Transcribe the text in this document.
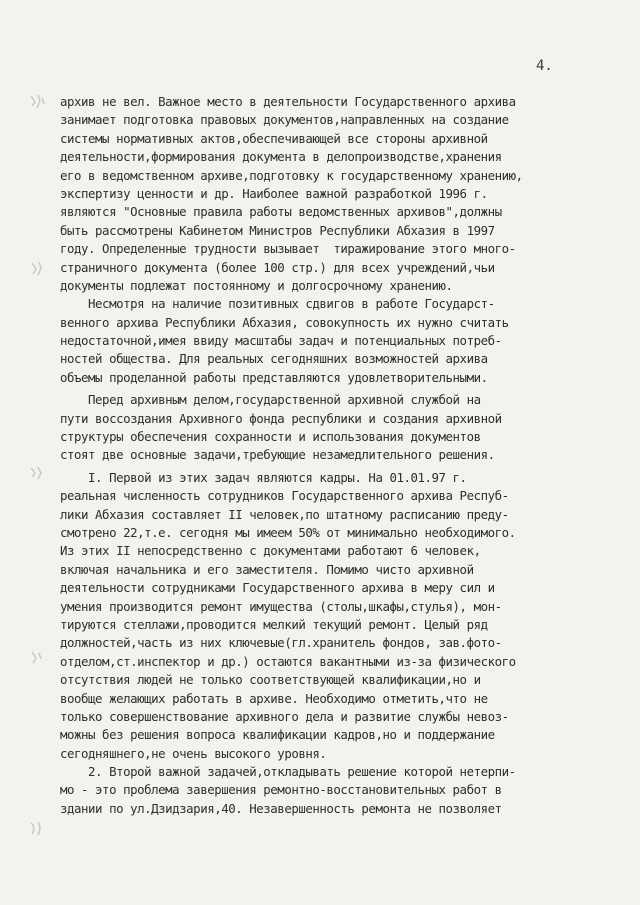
4.
архив не вел. Важное место в деятельности Государственного архива
занимает подготовка правовых документов,направленных на создание
системы нормативных актов,обеспечивающей все стороны архивной
деятельности,формирования документа в делопроизводстве,хранения
его в ведомственном архиве,подготовку к государственному хранению,
экспертизу ценности и др. Наиболее важной разработкой 1996 г.
являются "Основные правила работы ведомственных архивов",должны
быть рассмотрены Кабинетом Министров Республики Абхазия в 1997
году. Определенные трудности вызывает  тиражирование этого много-
страничного документа (более 100 стр.) для всех учреждений,чьи
документы подлежат постоянному и долгосрочному хранению.
Несмотря на наличие позитивных сдвигов в работе Государст-
венного архива Республики Абхазия, совокупность их нужно считать
недостаточной,имея ввиду масштабы задач и потенциальных потреб-
ностей общества. Для реальных сегодняшних возможностей архива
объемы проделанной работы представляются удовлетворительными.
Перед архивным делом,государственной архивной службой на
пути воссоздания Архивного фонда республики и создания архивной
структуры обеспечения сохранности и использования документов
стоят две основные задачи,требующие незамедлительного решения.
I. Первой из этих задач являются кадры. На 01.01.97 г.
реальная численность сотрудников Государственного архива Респуб-
лики Абхазия составляет II человек,по штатному расписанию преду-
смотрено 22,т.е. сегодня мы имеем 50% от минимально необходимого.
Из этих II непосредственно с документами работают 6 человек,
включая начальника и его заместителя. Помимо чисто архивной
деятельности сотрудниками Государственного архива в меру сил и
умения производится ремонт имущества (столы,шкафы,стулья), мон-
тируются стеллажи,проводится мелкий текущий ремонт. Целый ряд
должностей,часть из них ключевые(гл.хранитель фондов, зав.фото-
отделом,ст.инспектор и др.) остаются вакантными из-за физического
отсутствия людей не только соответствующей квалификации,но и
вообще желающих работать в архиве. Необходимо отметить,что не
только совершенствование архивного дела и развитие службы невоз-
можны без решения вопроса квалификации кадров,но и поддержание
сегодняшнего,не очень высокого уровня.
2. Второй важной задачей,откладывать решение которой нетерпи-
мо - это проблема завершения ремонтно-восстановительных работ в
здании по ул.Дзидзария,40. Незавершенность ремонта не позволяет
